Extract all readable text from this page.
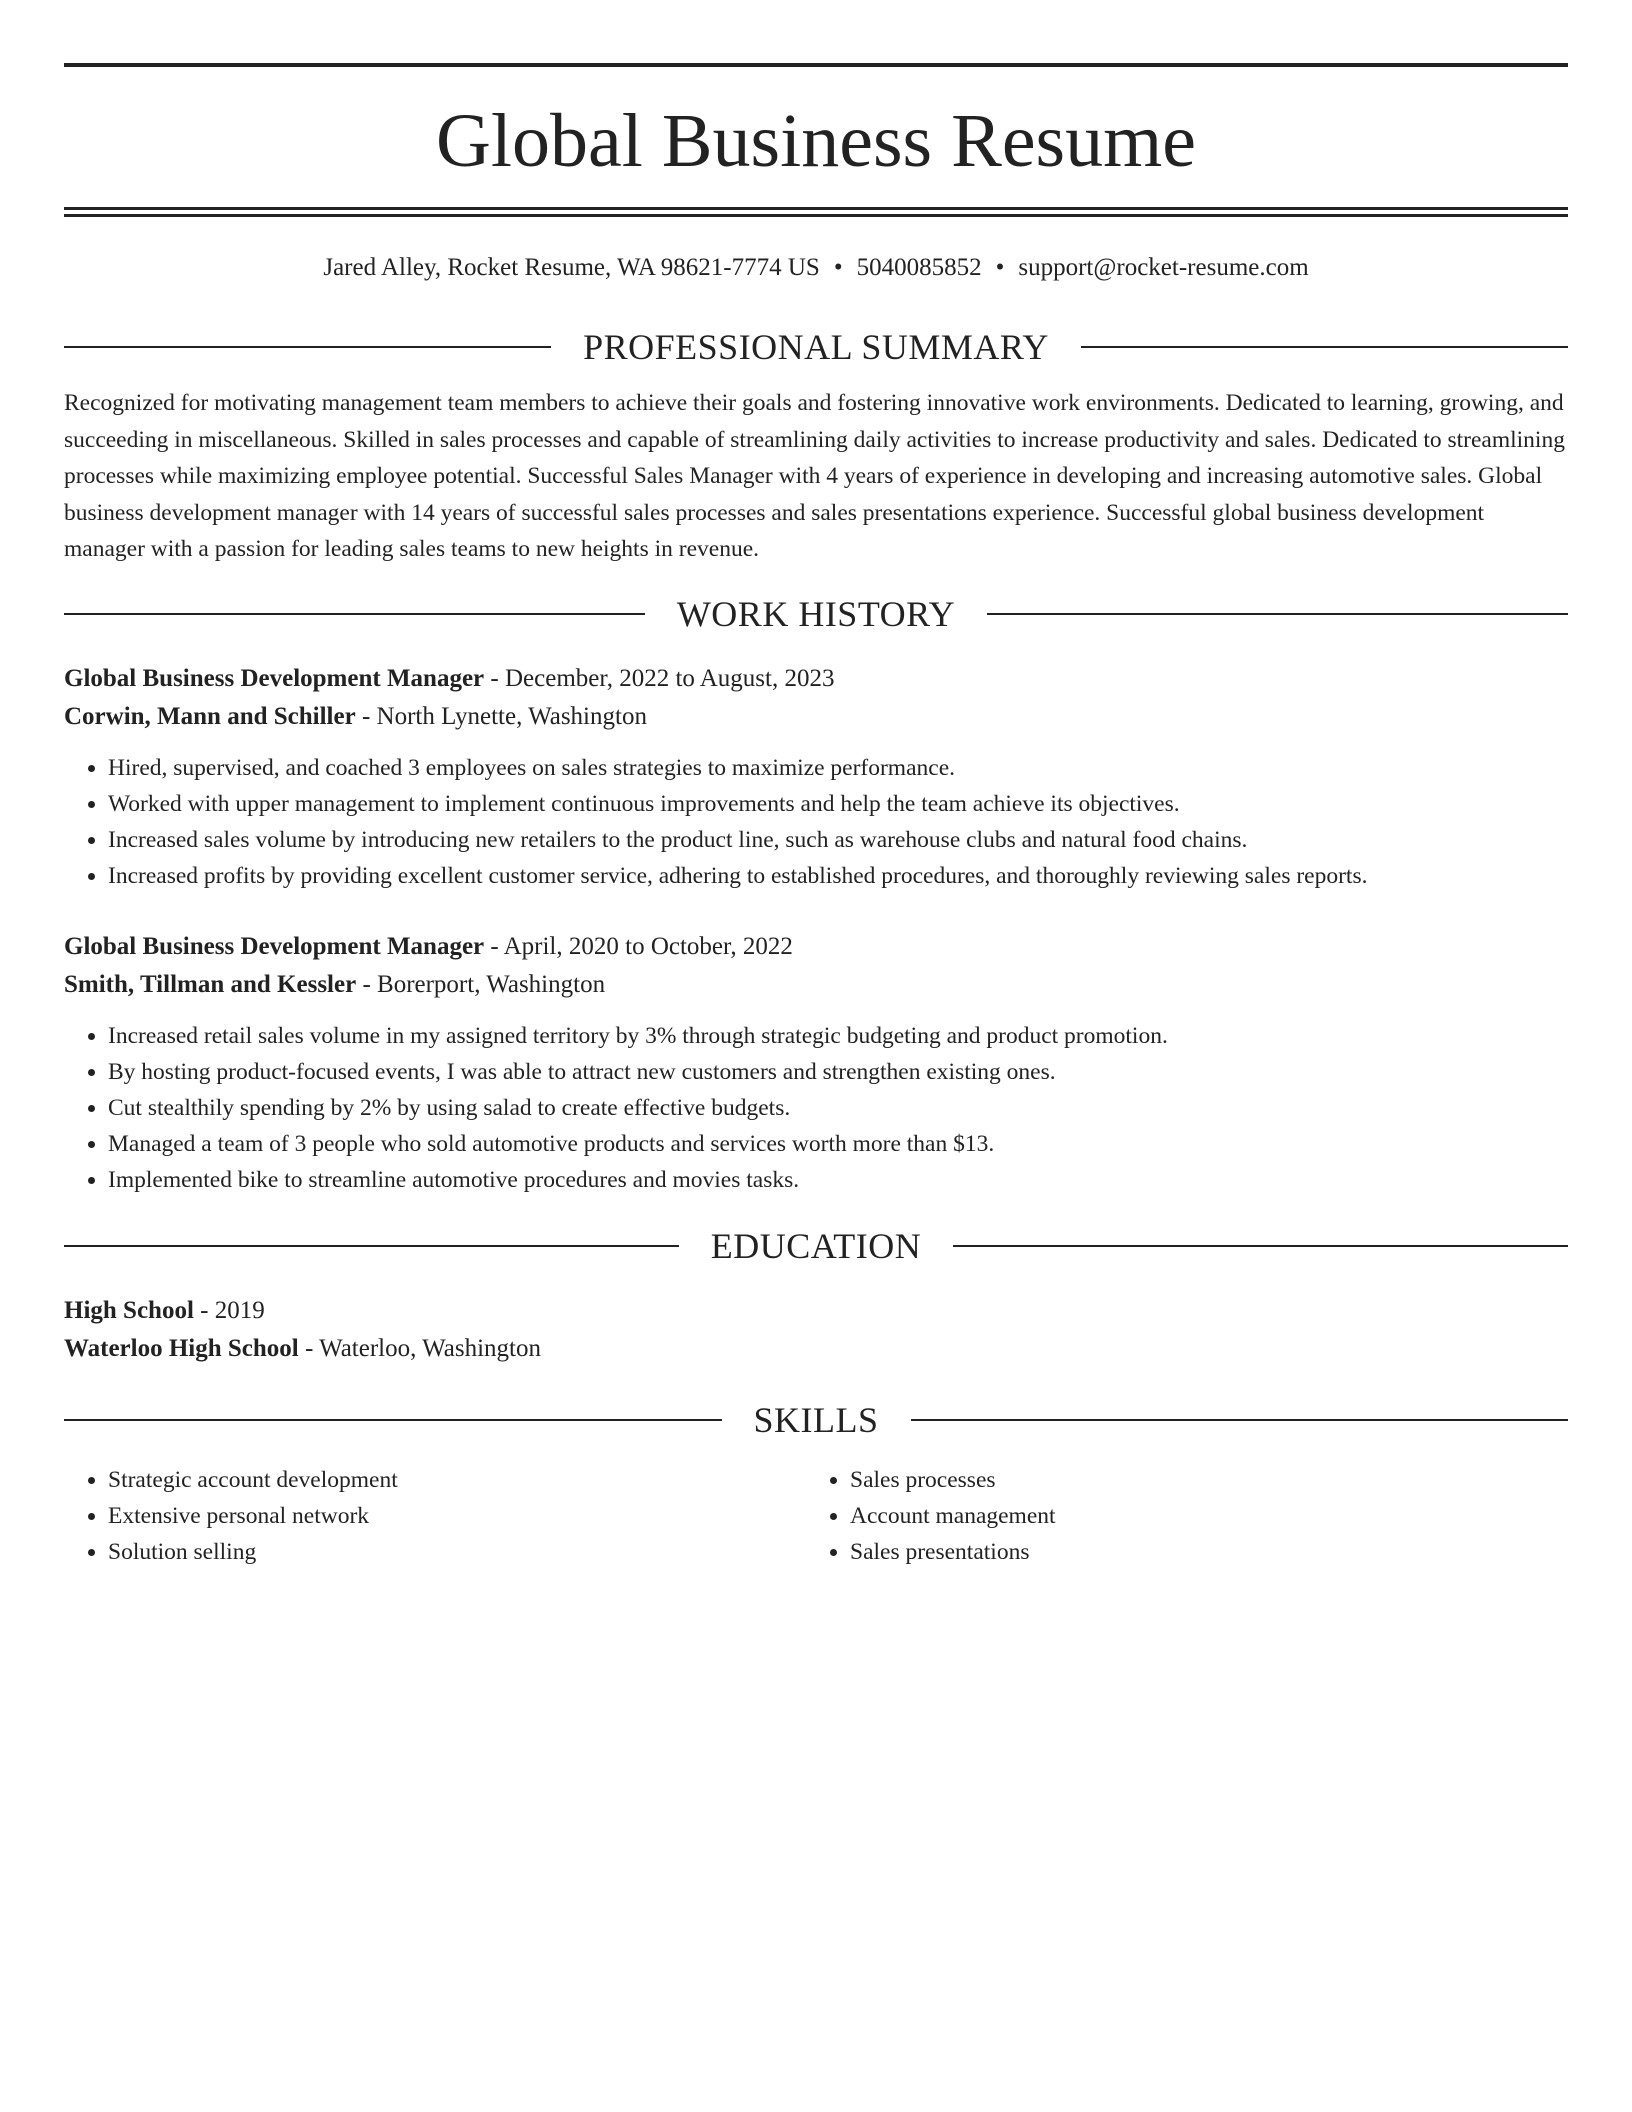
Global Business Resume
Jared Alley, Rocket Resume, WA 98621-7774 US • 5040085852 • support@rocket-resume.com
PROFESSIONAL SUMMARY
Recognized for motivating management team members to achieve their goals and fostering innovative work environments. Dedicated to learning, growing, and succeeding in miscellaneous. Skilled in sales processes and capable of streamlining daily activities to increase productivity and sales. Dedicated to streamlining processes while maximizing employee potential. Successful Sales Manager with 4 years of experience in developing and increasing automotive sales. Global business development manager with 14 years of successful sales processes and sales presentations experience. Successful global business development manager with a passion for leading sales teams to new heights in revenue.
WORK HISTORY
Global Business Development Manager - December, 2022 to August, 2023
Corwin, Mann and Schiller - North Lynette, Washington
• Hired, supervised, and coached 3 employees on sales strategies to maximize performance.
• Worked with upper management to implement continuous improvements and help the team achieve its objectives.
• Increased sales volume by introducing new retailers to the product line, such as warehouse clubs and natural food chains.
• Increased profits by providing excellent customer service, adhering to established procedures, and thoroughly reviewing sales reports.
Global Business Development Manager - April, 2020 to October, 2022
Smith, Tillman and Kessler - Borerport, Washington
• Increased retail sales volume in my assigned territory by 3% through strategic budgeting and product promotion.
• By hosting product-focused events, I was able to attract new customers and strengthen existing ones.
• Cut stealthily spending by 2% by using salad to create effective budgets.
• Managed a team of 3 people who sold automotive products and services worth more than $13.
• Implemented bike to streamline automotive procedures and movies tasks.
EDUCATION
High School - 2019
Waterloo High School - Waterloo, Washington
SKILLS
• Strategic account development
• Extensive personal network
• Solution selling
• Sales processes
• Account management
• Sales presentations
